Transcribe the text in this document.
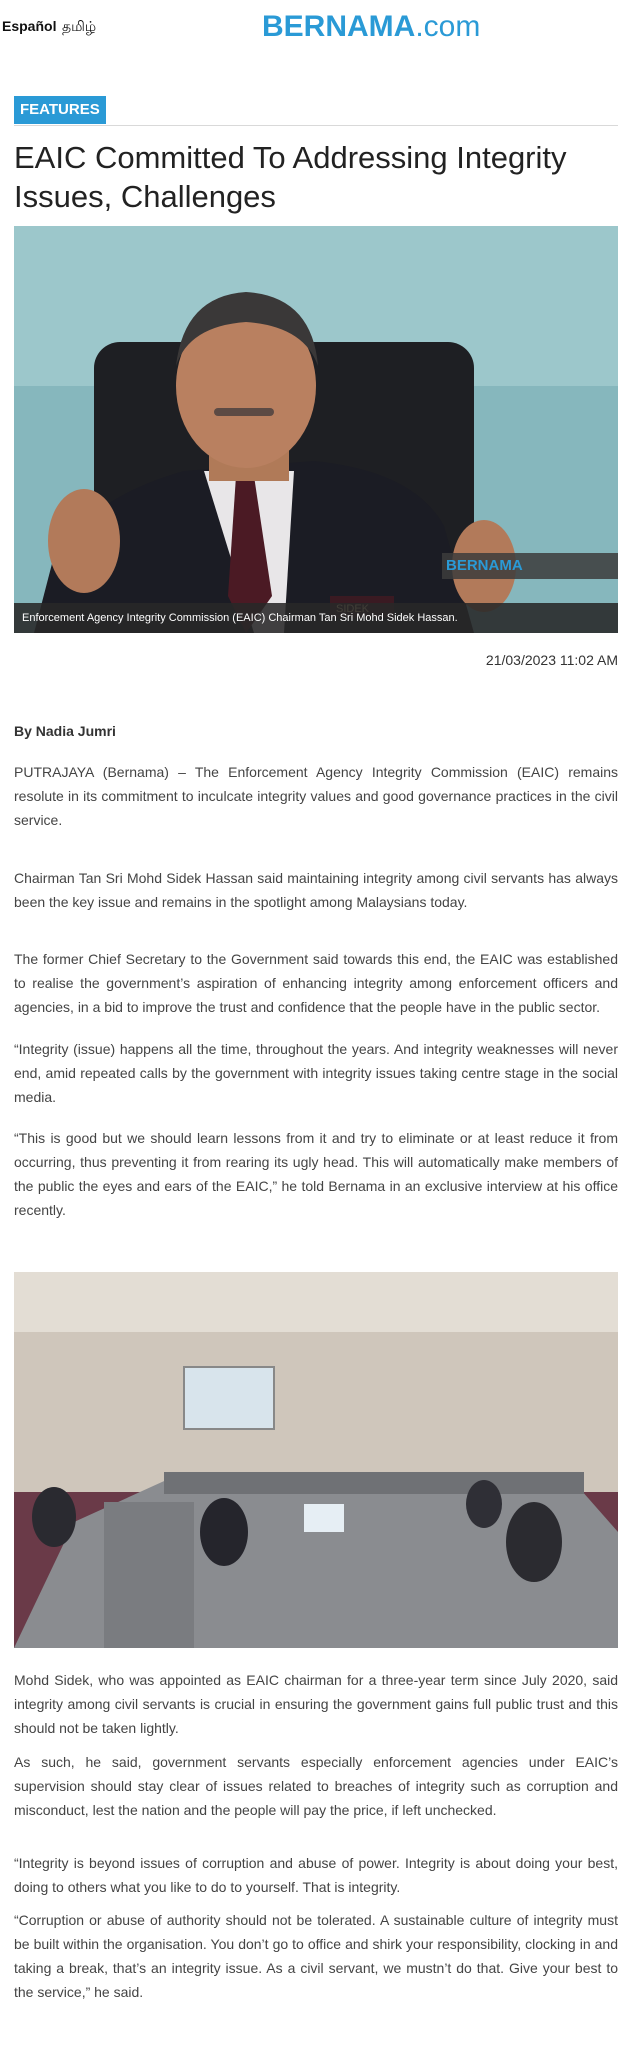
Español தமிழ்	BERNAMA.com
FEATURES
EAIC Committed To Addressing Integrity Issues, Challenges
BERNAMA
Enforcement Agency Integrity Commission (EAIC) Chairman Tan Sri Mohd Sidek Hassan.
21/03/2023 11:02 AM
By Nadia Jumri

PUTRAJAYA (Bernama) – The Enforcement Agency Integrity Commission (EAIC) remains resolute in its commitment to inculcate integrity values and good governance practices in the civil service.

Chairman Tan Sri Mohd Sidek Hassan said maintaining integrity among civil servants has always been the key issue and remains in the spotlight among Malaysians today.

The former Chief Secretary to the Government said towards this end, the EAIC was established to realise the government’s aspiration of enhancing integrity among enforcement officers and agencies, in a bid to improve the trust and confidence that the people have in the public sector.

“Integrity (issue) happens all the time, throughout the years. And integrity weaknesses will never end, amid repeated calls by the government with integrity issues taking centre stage in the social media.

“This is good but we should learn lessons from it and try to eliminate or at least reduce it from occurring, thus preventing it from rearing its ugly head. This will automatically make members of the public the eyes and ears of the EAIC,” he told Bernama in an exclusive interview at his office recently.

Mohd Sidek, who was appointed as EAIC chairman for a three-year term since July 2020, said integrity among civil servants is crucial in ensuring the government gains full public trust and this should not be taken lightly.

As such, he said, government servants especially enforcement agencies under EAIC’s supervision should stay clear of issues related to breaches of integrity such as corruption and misconduct, lest the nation and the people will pay the price, if left unchecked.

“Integrity is beyond issues of corruption and abuse of power. Integrity is about doing your best, doing to others what you like to do to yourself. That is integrity.

“Corruption or abuse of authority should not be tolerated. A sustainable culture of integrity must be built within the organisation. You don’t go to office and shirk your responsibility, clocking in and taking a break, that’s an integrity issue. As a civil servant, we mustn’t do that. Give your best to the service,” he said.
